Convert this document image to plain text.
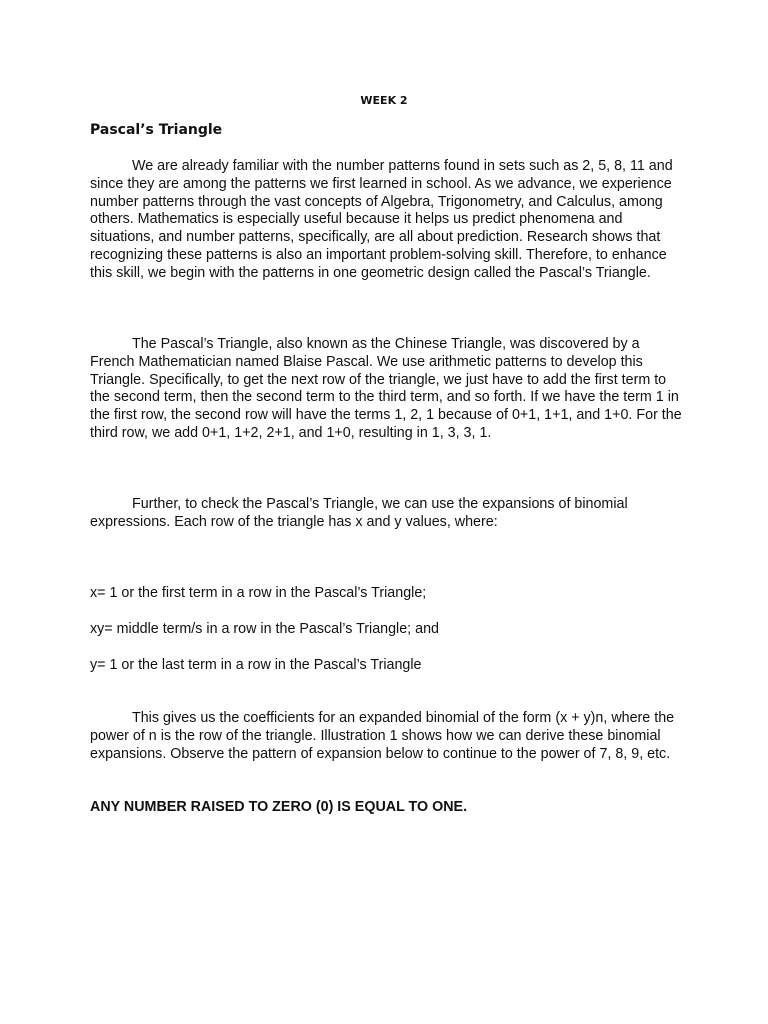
WEEK 2
Pascal’s Triangle

We are already familiar with the number patterns found in sets such as 2, 5, 8, 11 and since they are among the patterns we first learned in school. As we advance, we experience number patterns through the vast concepts of Algebra, Trigonometry, and Calculus, among others. Mathematics is especially useful because it helps us predict phenomena and situations, and number patterns, specifically, are all about prediction. Research shows that recognizing these patterns is also an important problem-solving skill. Therefore, to enhance this skill, we begin with the patterns in one geometric design called the Pascal’s Triangle.

The Pascal’s Triangle, also known as the Chinese Triangle, was discovered by a French Mathematician named Blaise Pascal. We use arithmetic patterns to develop this Triangle. Specifically, to get the next row of the triangle, we just have to add the first term to the second term, then the second term to the third term, and so forth. If we have the term 1 in the first row, the second row will have the terms 1, 2, 1 because of 0+1, 1+1, and 1+0. For the third row, we add 0+1, 1+2, 2+1, and 1+0, resulting in 1, 3, 3, 1.

Further, to check the Pascal’s Triangle, we can use the expansions of binomial expressions. Each row of the triangle has x and y values, where:

x= 1 or the first term in a row in the Pascal’s Triangle;
xy= middle term/s in a row in the Pascal’s Triangle; and
y= 1 or the last term in a row in the Pascal’s Triangle

This gives us the coefficients for an expanded binomial of the form (x + y)n, where the power of n is the row of the triangle. Illustration 1 shows how we can derive these binomial expansions. Observe the pattern of expansion below to continue to the power of 7, 8, 9, etc.

ANY NUMBER RAISED TO ZERO (0) IS EQUAL TO ONE.
